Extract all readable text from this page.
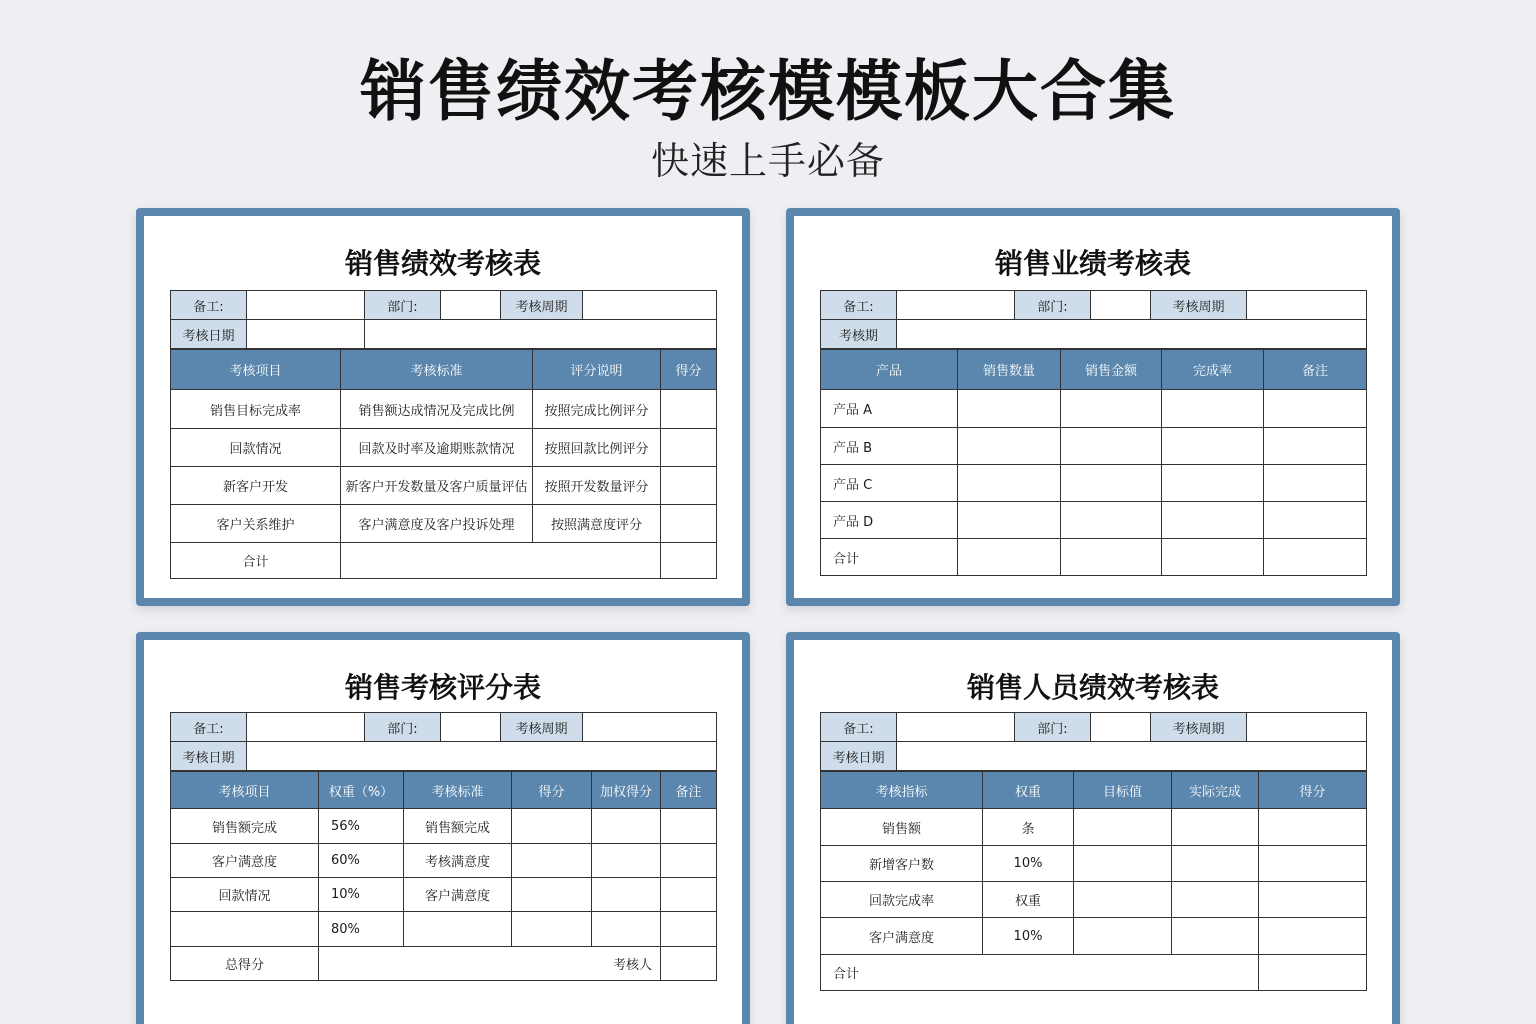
销售绩效考核模模板大合集
快速上手必备
销售绩效考核表
备工:		部门:		考核周期	
考核日期					
考核项目	考核标准	评分说明	得分
销售目标完成率	销售额达成情况及完成比例	按照完成比例评分	
回款情况	回款及时率及逾期账款情况	按照回款比例评分	
新客户开发	新客户开发数量及客户质量评估	按照开发数量评分	
客户关系维护	客户满意度及客户投诉处理	按照满意度评分	
合计			
销售业绩考核表
备工:		部门:		考核周期	
考核期					
产品	销售数量	销售金额	完成率	备注
产品 A				
产品 B				
产品 C				
产品 D				
合计				
销售考核评分表
备工:		部门:		考核周期	
考核日期					
考核项目	权重（%）	考核标准	得分	加权得分	备注
销售额完成	56%	销售额完成			
客户满意度	60%	考核满意度			
回款情况	10%	客户满意度			
	80%				
总得分	考核人				
销售人员绩效考核表
备工:		部门:		考核周期	
考核日期					
考核指标	权重	目标值	实际完成	得分
销售额	条			
新增客户数	10%			
回款完成率	权重			
客户满意度	10%			
合计				
